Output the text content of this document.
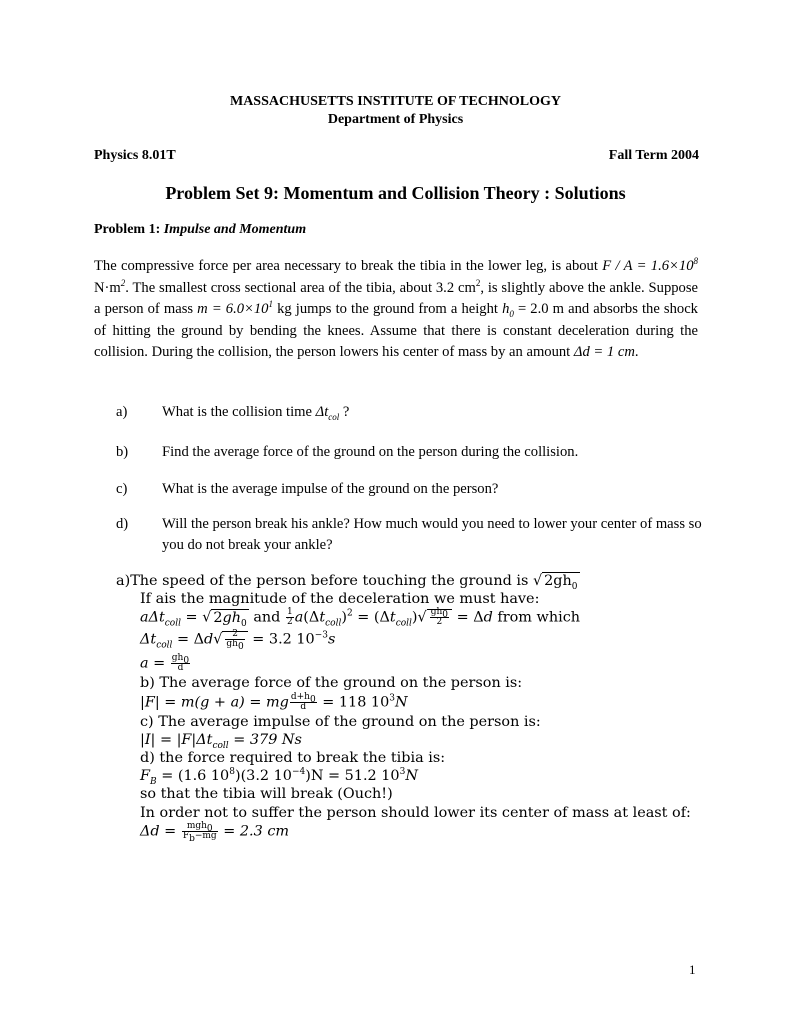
MASSACHUSETTS INSTITUTE OF TECHNOLOGY
Department of Physics
Physics 8.01T	Fall Term 2004
Problem Set 9: Momentum and Collision Theory : Solutions
Problem 1: Impulse and Momentum
The compressive force per area necessary to break the tibia in the lower leg, is about $F / A = 1.6\times 10^8$ $N\cdot m^2$. The smallest cross sectional area of the tibia, about 3.2 $cm^2$, is slightly above the ankle. Suppose a person of mass $m = 6.0\times 10^1$ kg jumps to the ground from a height $h_0 = 2.0$ m and absorbs the shock of hitting the ground by bending the knees. Assume that there is constant deceleration during the collision. During the collision, the person lowers his center of mass by an amount Δd = 1 cm.
a) What is the collision time $\Delta t_{col}$ ?
b) Find the average force of the ground on the person during the collision.
c) What is the average impulse of the ground on the person?
d) Will the person break his ankle? How much would you need to lower your center of mass so you do not break your ankle?
a)The speed of the person before touching the ground is √ $2gh_0$
If ais the magnitude of the deceleration we must have:
aΔt$_{coll}$ = √ $2gh_0$ and $\frac{1}{2} a(\Delta t_{coll})^2 = (\Delta t_{coll})√ \frac{gh_0}{2} = \Delta d$ from which
$\Delta t_{coll} = \Delta d√ \frac{2}{gh_0} = 3.2$ $10^{-3}s$
$a = \frac{gh_0}{d}$
b) The average force of the ground on the person is:
|F| = m(g + a) = mg $\frac{d+h_0}{d} = 118$ $10^3N$
c) The average impulse of the ground on the person is:
$|I| = |F|\Delta t_{coll} = 379$ Ns
d) the force required to break the tibia is:
$F_B = (1.6$ $10^8)(3.2$ $10^{-4})N = 51.2$ $10^3N$
so that the tibia will break (Ouch!)
In order not to suffer the person should lower its center of mass at least of:
$\Delta d = \frac{mgh_0}{F_b-mg} = 2.3$ cm
1
